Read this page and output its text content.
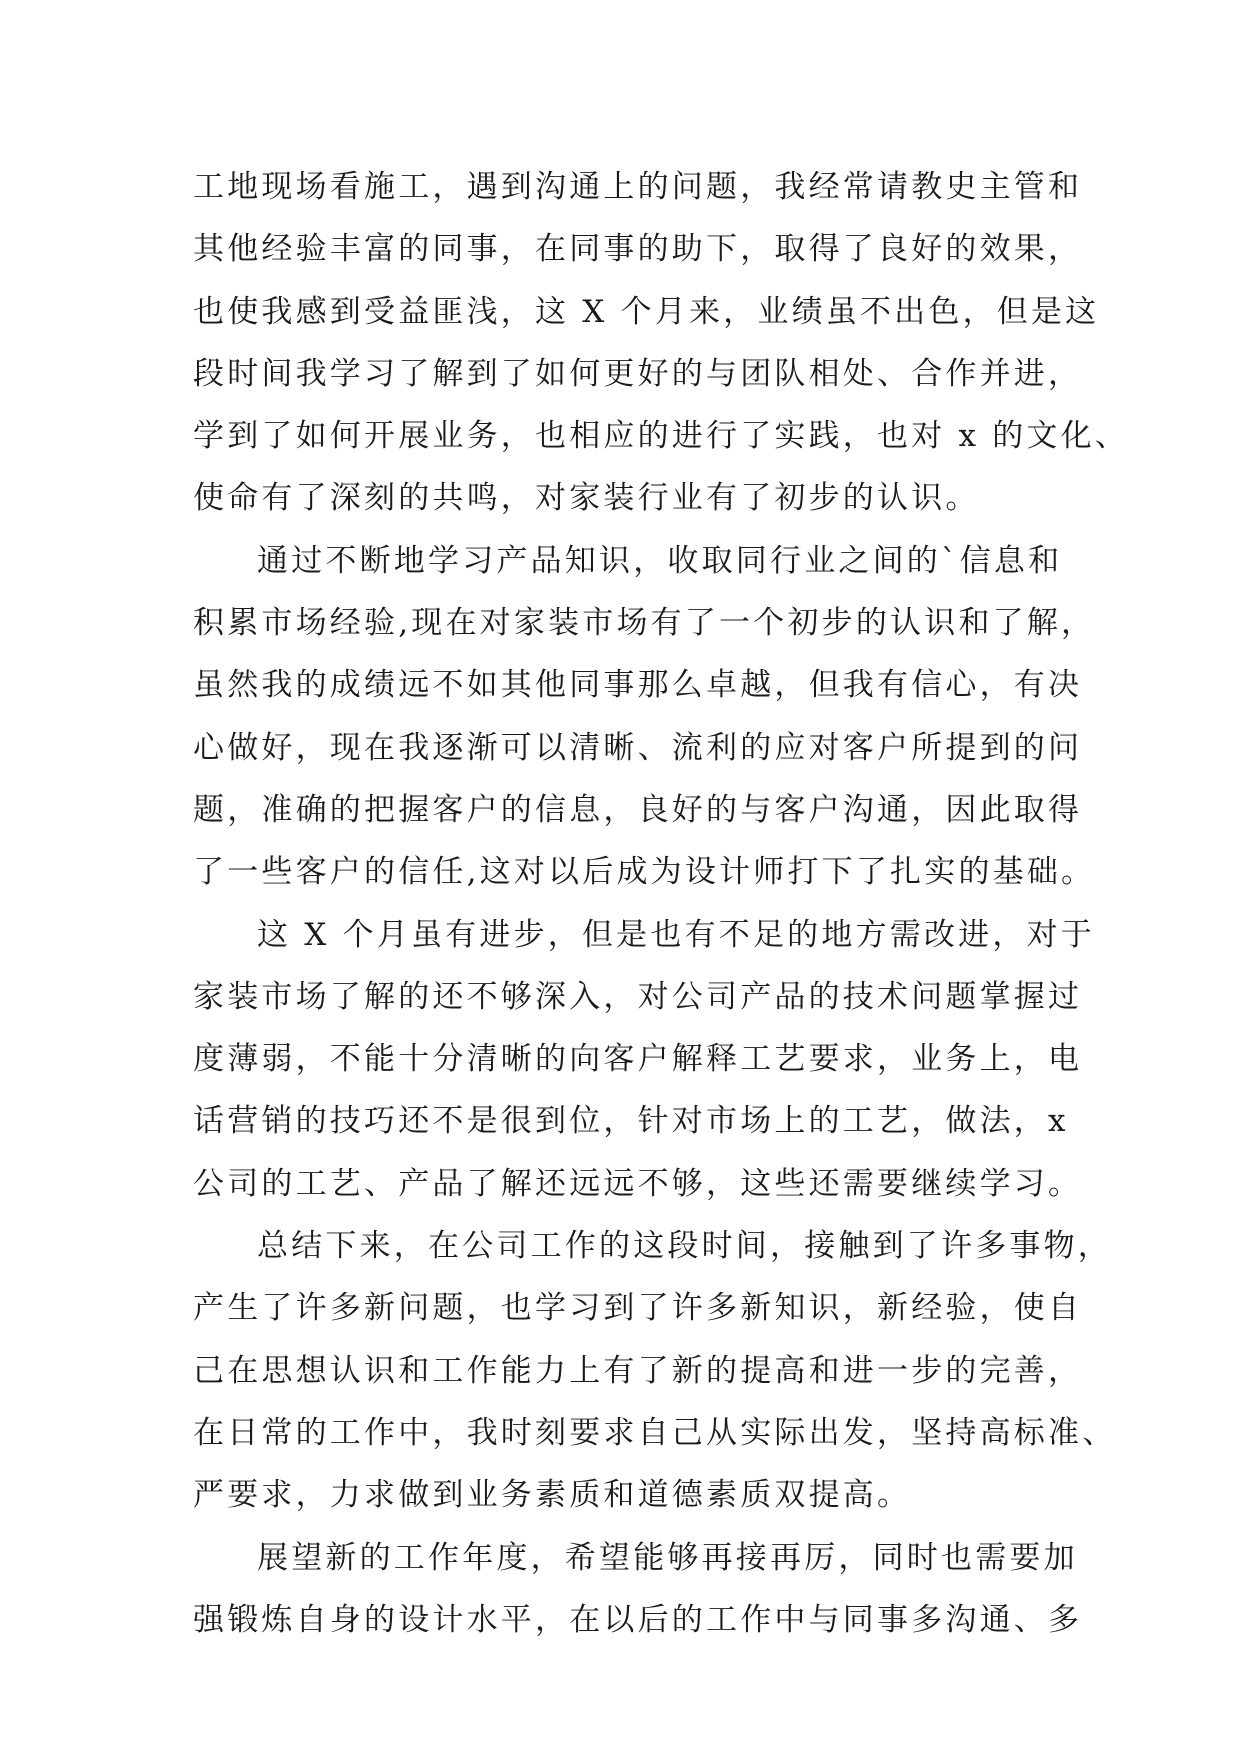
工地现场看施工，遇到沟通上的问题，我经常请教史主管和
其他经验丰富的同事，在同事的助下，取得了良好的效果，
也使我感到受益匪浅，这 X 个月来，业绩虽不出色，但是这
段时间我学习了解到了如何更好的与团队相处、合作并进，
学到了如何开展业务，也相应的进行了实践，也对 x 的文化、
使命有了深刻的共鸣，对家装行业有了初步的认识。
通过不断地学习产品知识，收取同行业之间的`信息和
积累市场经验,现在对家装市场有了一个初步的认识和了解，
虽然我的成绩远不如其他同事那么卓越，但我有信心，有决
心做好，现在我逐渐可以清晰、流利的应对客户所提到的问
题，准确的把握客户的信息，良好的与客户沟通，因此取得
了一些客户的信任,这对以后成为设计师打下了扎实的基础。
这 X 个月虽有进步，但是也有不足的地方需改进，对于
家装市场了解的还不够深入，对公司产品的技术问题掌握过
度薄弱，不能十分清晰的向客户解释工艺要求，业务上，电
话营销的技巧还不是很到位，针对市场上的工艺，做法，x
公司的工艺、产品了解还远远不够，这些还需要继续学习。
总结下来，在公司工作的这段时间，接触到了许多事物，
产生了许多新问题，也学习到了许多新知识，新经验，使自
己在思想认识和工作能力上有了新的提高和进一步的完善，
在日常的工作中，我时刻要求自己从实际出发，坚持高标准、
严要求，力求做到业务素质和道德素质双提高。
展望新的工作年度，希望能够再接再厉，同时也需要加
强锻炼自身的设计水平，在以后的工作中与同事多沟通、多
